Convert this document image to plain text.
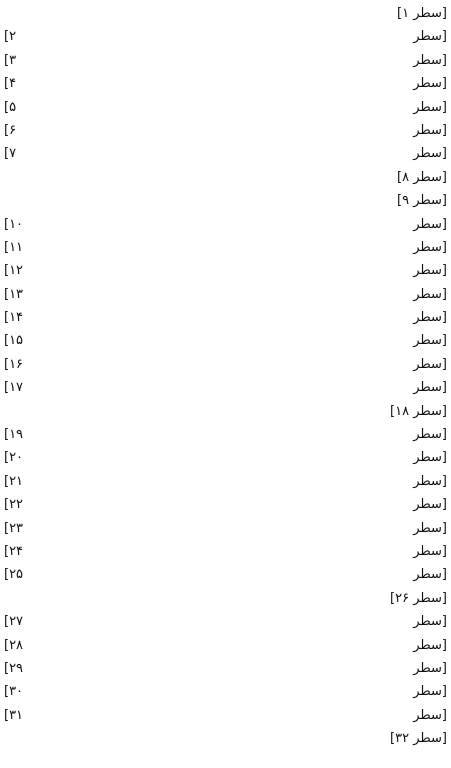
[سطر ۱]
[سطر ۲]
[سطر ۳]
[سطر ۴]
[سطر ۵]
[سطر ۶]
[سطر ۷]
[سطر ۸]
[سطر ۹]
[سطر ۱۰]
[سطر ۱۱]
[سطر ۱۲]
[سطر ۱۳]
[سطر ۱۴]
[سطر ۱۵]
[سطر ۱۶]
[سطر ۱۷]
[سطر ۱۸]
[سطر ۱۹]
[سطر ۲۰]
[سطر ۲۱]
[سطر ۲۲]
[سطر ۲۳]
[سطر ۲۴]
[سطر ۲۵]
[سطر ۲۶]
[سطر ۲۷]
[سطر ۲۸]
[سطر ۲۹]
[سطر ۳۰]
[سطر ۳۱]
[سطر ۳۲]
